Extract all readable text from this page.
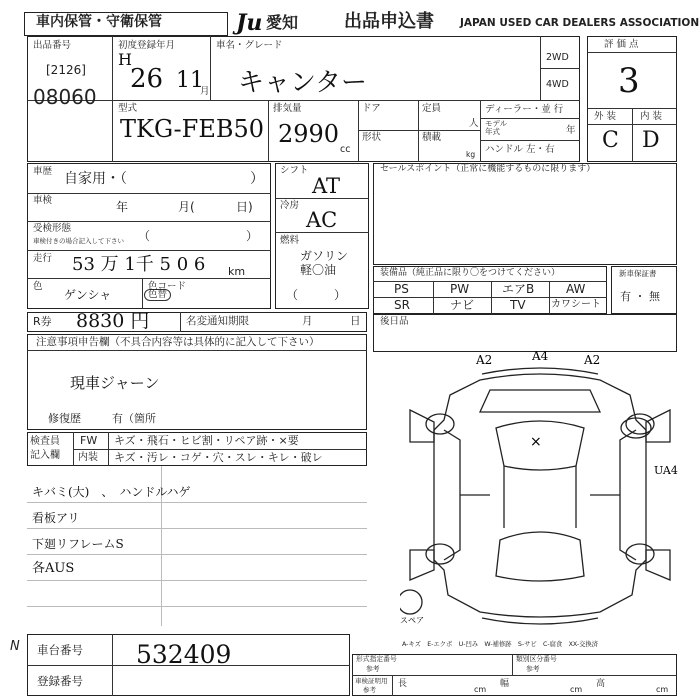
車内保管・守衛保管	Ju 愛知	出品申込書 JAPAN USED CAR DEALERS ASSOCIATION
出品番号
[2126]
08060
初度登録年月
H
26 11
月
車名・グレード
キャンター
2WD
4WD
型式
TKG-FEB50
排気量
2990
cc
ドア
形状
定員
人
積載
kg
ディーラー・並 行
モデル
年式	年
ハンドル 左・右
評 価 点
3
外 装	内 装
C D
車歴 自家用・（	）
車検	年	月(	日)
受検形態
車検付きの場合記入して下さい （　　　　　　　　）
走行 53 万 1千 5 0 6 km
色
ゲンシャ	色替
色コード
シフト
AT
冷房
AC
燃料
ガソリン
軽〇油
（　　　）
セールスポイント（正常に機能するものに限ります）
装備品（純正品に限り〇をつけてください）
PS	PW	エアB	AW
SR	ナビ	TV	カワシート
新車保証書
有 ・ 無
R券 8830 円	名変通知期限	月	日 後日品
注意事項申告欄（不具合内容等は具体的に記入して下さい）
現車ジャーン
修復歴	有（箇所
検査員
記入欄
FW キズ・飛石・ヒビ割・リペア跡・×要
内装 キズ・汚レ・コゲ・穴・スレ・キレ・破レ
キバミ(大)　、　ハンドルハゲ
看板アリ
下廻リフレームS
各AUS
A2	A4	A2
×
UA4
スペア
A-キズ　E-エクボ　U-凹み　W-補修跡　S-サビ　C-腐食　XX-交換済
N 車台番号 532409
登録番号
形式指定番号
参考
類別区分番号
参考
車検証明用
参考
長
cm
幅
cm
高
cm
